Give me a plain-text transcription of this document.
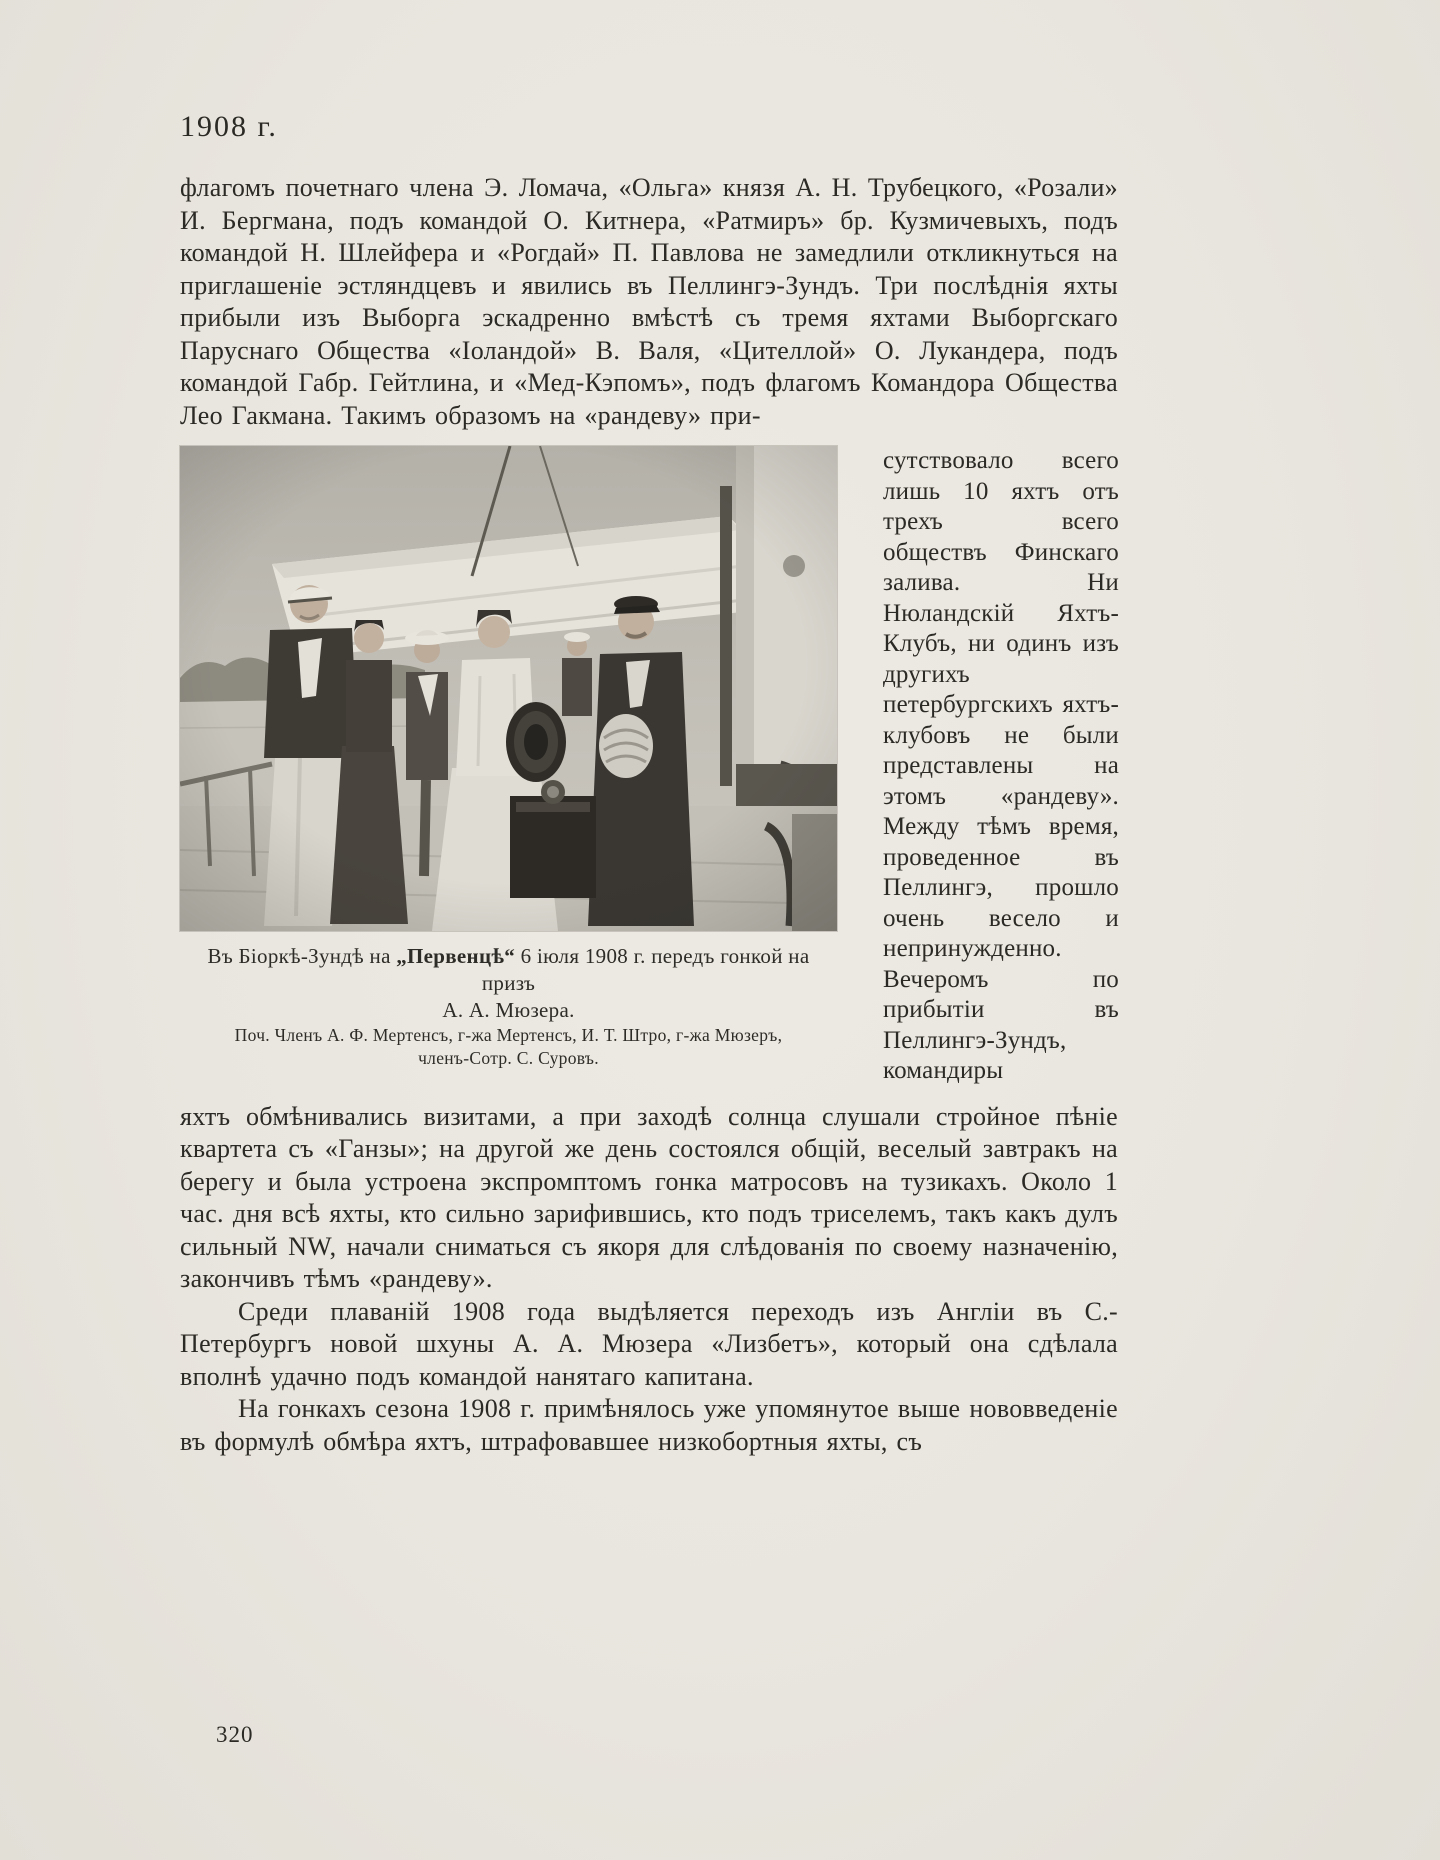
1908 г.

флагомъ почетнаго члена Э. Ломача, «Ольга» князя А. Н. Трубецкого, «Розали» И. Бергмана, подъ командой О. Китнера, «Ратмиръ» бр. Кузмичевыхъ, подъ командой Н. Шлейфера и «Рогдай» П. Павлова не замедлили откликнуться на приглашеніе эстляндцевъ и явились въ Пеллингэ-Зундъ. Три послѣднія яхты прибыли изъ Выборга эскадренно вмѣстѣ съ тремя яхтами Выборгскаго Паруснаго Общества «Іоландой» В. Валя, «Цителлой» О. Лукандера, подъ командой Габр. Гейтлина, и «Мед-Кэпомъ», подъ флагомъ Командора Общества Лео Гакмана. Такимъ образомъ на «рандеву» при-

Въ Біоркѣ-Зундѣ на „Первенцѣ“ 6 іюля 1908 г. передъ гонкой на призъ
А. А. Мюзера.
Поч. Членъ А. Ф. Мертенсъ, г-жа Мертенсъ, И. Т. Штро, г-жа Мюзеръ,
членъ-Сотр. С. Суровъ.
сутствовало всего лишь 10 яхтъ отъ трехъ всего обществъ Финскаго залива. Ни Нюландскій Яхтъ-Клубъ, ни одинъ изъ другихъ петербургскихъ яхтъ-клубовъ не были представлены на этомъ «рандеву». Между тѣмъ время, проведенное въ Пеллингэ, прошло очень весело и непринужденно. Вечеромъ по прибытіи въ Пеллингэ-Зундъ, командиры

яхтъ обмѣнивались визитами, а при заходѣ солнца слушали стройное пѣніе квартета съ «Ганзы»; на другой же день состоялся общій, веселый завтракъ на берегу и была устроена экспромптомъ гонка матросовъ на тузикахъ. Около 1 час. дня всѣ яхты, кто сильно зарифившись, кто подъ триселемъ, такъ какъ дулъ сильный NW, начали сниматься съ якоря для слѣдованія по своему назначенію, закончивъ тѣмъ «рандеву».

Среди плаваній 1908 года выдѣляется переходъ изъ Англіи въ С.-Петербургъ новой шхуны А. А. Мюзера «Лизбетъ», который она сдѣлала вполнѣ удачно подъ командой нанятаго капитана.

На гонкахъ сезона 1908 г. примѣнялось уже упомянутое выше нововведеніе въ формулѣ обмѣра яхтъ, штрафовавшее низкобортныя яхты, съ

320
